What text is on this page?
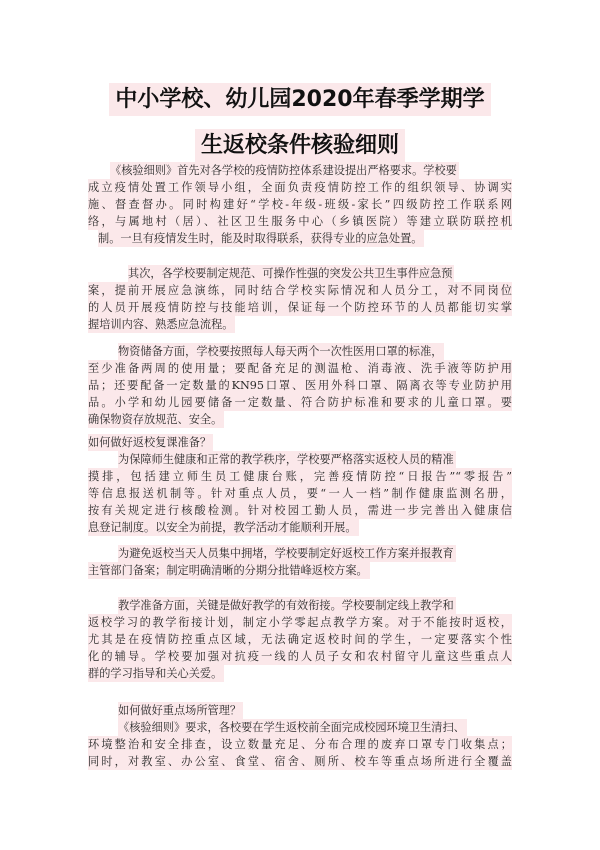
中小学校、幼儿园2020年春季学期学
生返校条件核验细则
《核验细则》首先对各学校的疫情防控体系建设提出严格要求。学校要
成立疫情处置工作领导小组，全面负责疫情防控工作的组织领导、协调实
施、督查督办。同时构建好“学校-年级-班级-家长”四级防控工作联系网
络，与属地村（居）、社区卫生服务中心（乡镇医院）等建立联防联控机
制。一旦有疫情发生时，能及时取得联系，获得专业的应急处置。
其次，各学校要制定规范、可操作性强的突发公共卫生事件应急预
案，提前开展应急演练，同时结合学校实际情况和人员分工，对不同岗位
的人员开展疫情防控与技能培训，保证每一个防控环节的人员都能切实掌
握培训内容、熟悉应急流程。
物资储备方面，学校要按照每人每天两个一次性医用口罩的标准，
至少准备两周的使用量；要配备充足的测温枪、消毒液、洗手液等防护用
品；还要配备一定数量的KN95口罩、医用外科口罩、隔离衣等专业防护用
品。小学和幼儿园要储备一定数量、符合防护标准和要求的儿童口罩。要
确保物资存放规范、安全。
如何做好返校复课准备？
为保障师生健康和正常的教学秩序，学校要严格落实返校人员的精准
摸排，包括建立师生员工健康台账，完善疫情防控“日报告”“零报告”
等信息报送机制等。针对重点人员，要“一人一档”制作健康监测名册，
按有关规定进行核酸检测。针对校园工勤人员，需进一步完善出入健康信
息登记制度。以安全为前提，教学活动才能顺利开展。
为避免返校当天人员集中拥堵，学校要制定好返校工作方案并报教育
主管部门备案；制定明确清晰的分期分批错峰返校方案。
教学准备方面，关键是做好教学的有效衔接。学校要制定线上教学和
返校学习的教学衔接计划，制定小学零起点教学方案。对于不能按时返校，
尤其是在疫情防控重点区域，无法确定返校时间的学生，一定要落实个性
化的辅导。学校要加强对抗疫一线的人员子女和农村留守儿童这些重点人
群的学习指导和关心关爱。
如何做好重点场所管理？
《核验细则》要求，各校要在学生返校前全面完成校园环境卫生清扫、
环境整治和安全排查，设立数量充足、分布合理的废弃口罩专门收集点；
同时，对教室、办公室、食堂、宿舍、厕所、校车等重点场所进行全覆盖
